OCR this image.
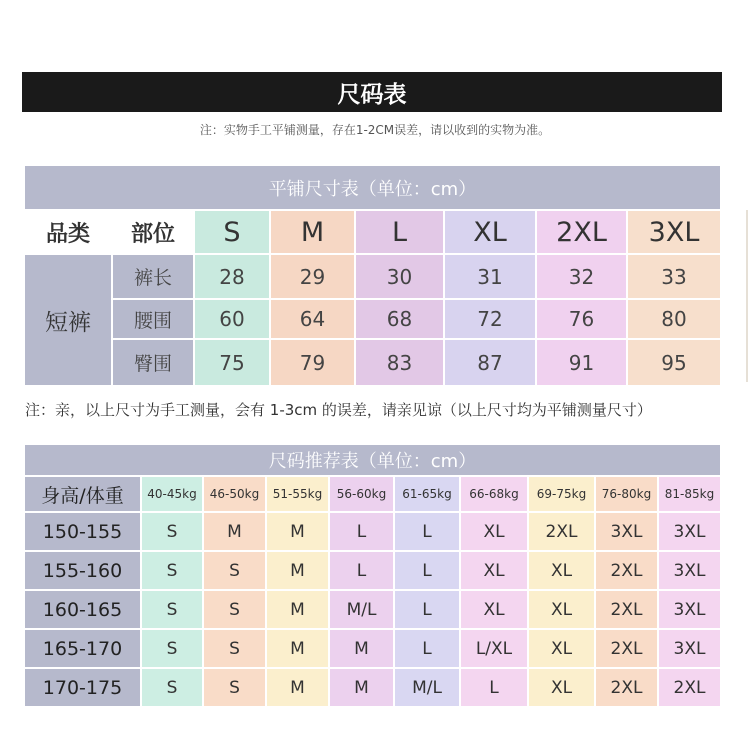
尺码表
注：实物手工平铺测量，存在1-2CM误差，请以收到的实物为准。
平铺尺寸表（单位：cm）
品类	部位	S	M	L	XL	2XL	3XL
短裤
裤长	28	29	30	31	32	33
腰围	60	64	68	72	76	80
臀围	75	79	83	87	91	95
注：亲，以上尺寸为手工测量，会有 1-3cm 的误差，请亲见谅（以上尺寸均为平铺测量尺寸）
尺码推荐表（单位：cm）
身高/体重	40-45kg	46-50kg	51-55kg	56-60kg	61-65kg	66-68kg	69-75kg	76-80kg	81-85kg
150-155	S	M	M	L	L	XL	2XL	3XL	3XL
155-160	S	S	M	L	L	XL	XL	2XL	3XL
160-165	S	S	M	M/L	L	XL	XL	2XL	3XL
165-170	S	S	M	M	L	L/XL	XL	2XL	3XL
170-175	S	S	M	M	M/L	L	XL	2XL	2XL
